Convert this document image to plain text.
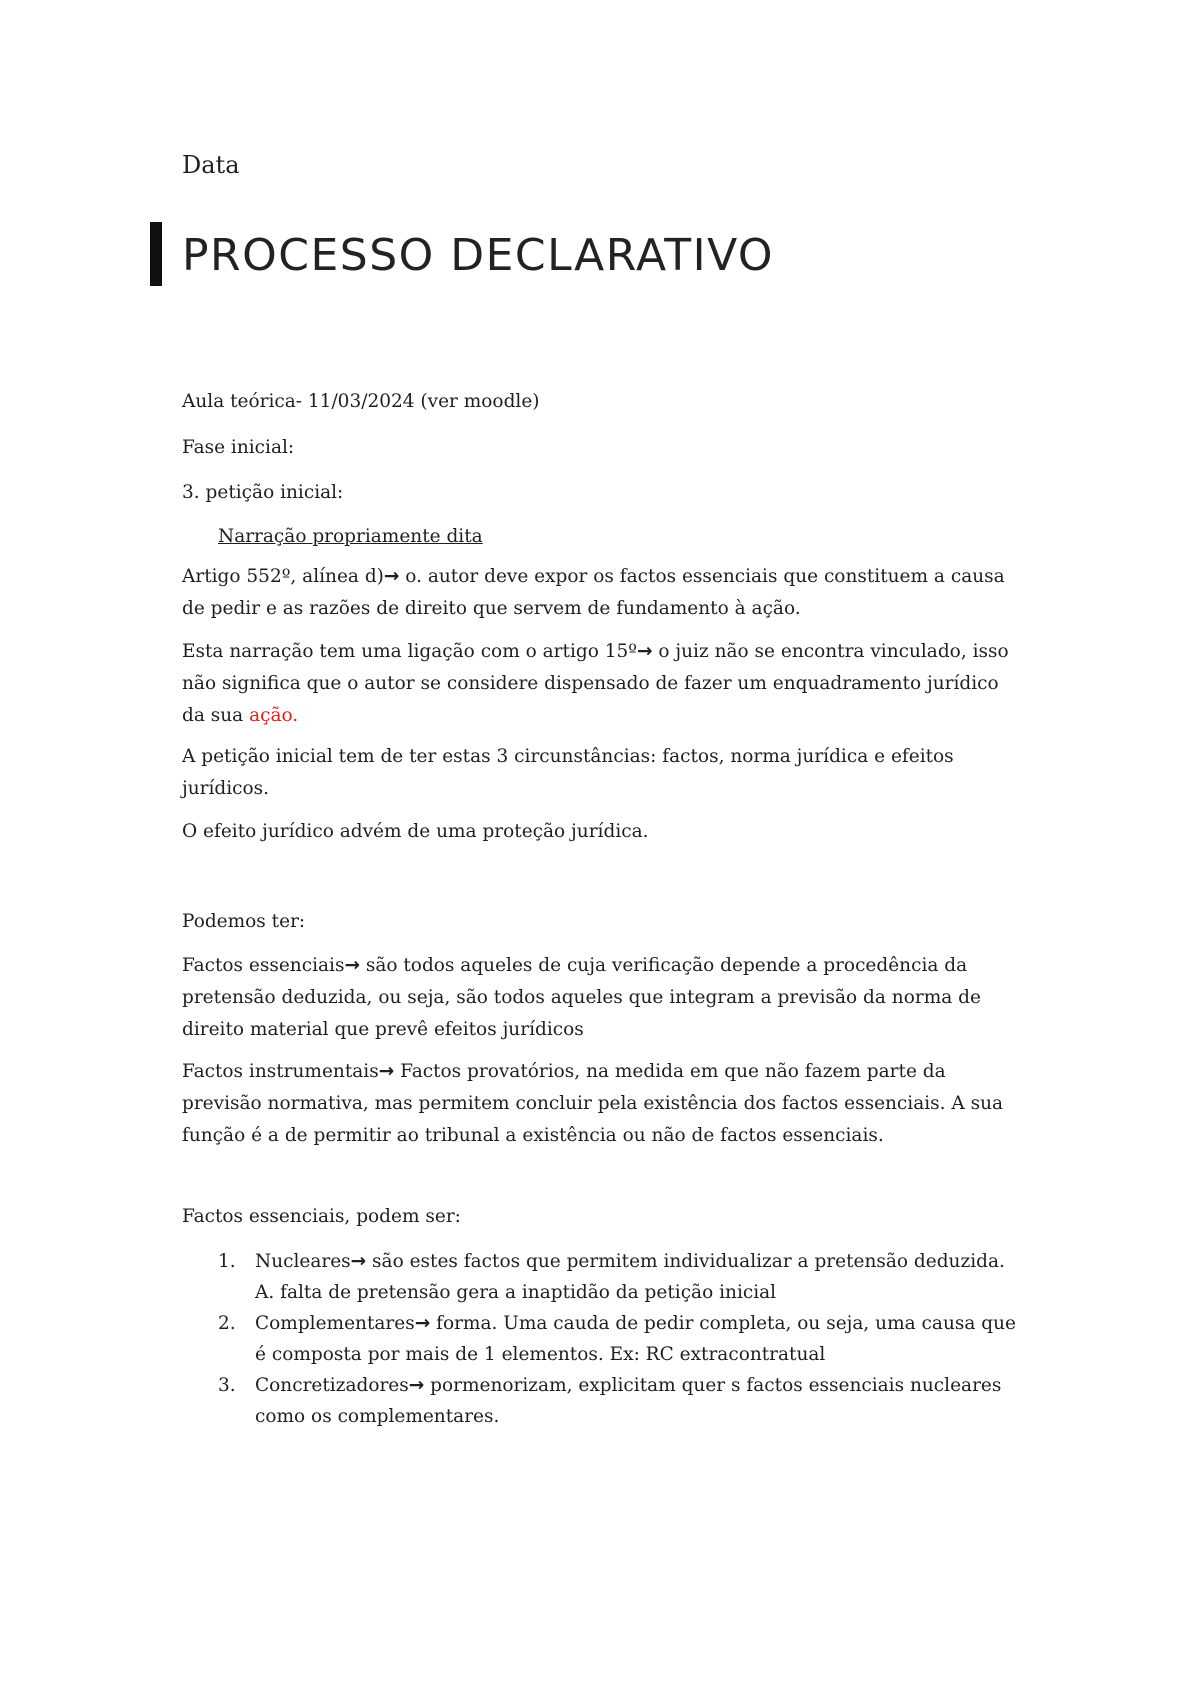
Data
PROCESSO DECLARATIVO
Aula teórica- 11/03/2024 (ver moodle)
Fase inicial:
3. petição inicial:
Narração propriamente dita
Artigo 552º, alínea d)→ o. autor deve expor os factos essenciais que constituem a causa
de pedir e as razões de direito que servem de fundamento à ação.
Esta narração tem uma ligação com o artigo 15º→ o juiz não se encontra vinculado, isso
não significa que o autor se considere dispensado de fazer um enquadramento jurídico
da sua ação.
A petição inicial tem de ter estas 3 circunstâncias: factos, norma jurídica e efeitos
jurídicos.
O efeito jurídico advém de uma proteção jurídica.
Podemos ter:
Factos essenciais→ são todos aqueles de cuja verificação depende a procedência da
pretensão deduzida, ou seja, são todos aqueles que integram a previsão da norma de
direito material que prevê efeitos jurídicos
Factos instrumentais→ Factos provatórios, na medida em que não fazem parte da
previsão normativa, mas permitem concluir pela existência dos factos essenciais. A sua
função é a de permitir ao tribunal a existência ou não de factos essenciais.
Factos essenciais, podem ser:
1. Nucleares→ são estes factos que permitem individualizar a pretensão deduzida.
A. falta de pretensão gera a inaptidão da petição inicial
2. Complementares→ forma. Uma cauda de pedir completa, ou seja, uma causa que
é composta por mais de 1 elementos. Ex: RC extracontratual
3. Concretizadores→ pormenorizam, explicitam quer s factos essenciais nucleares
como os complementares.
